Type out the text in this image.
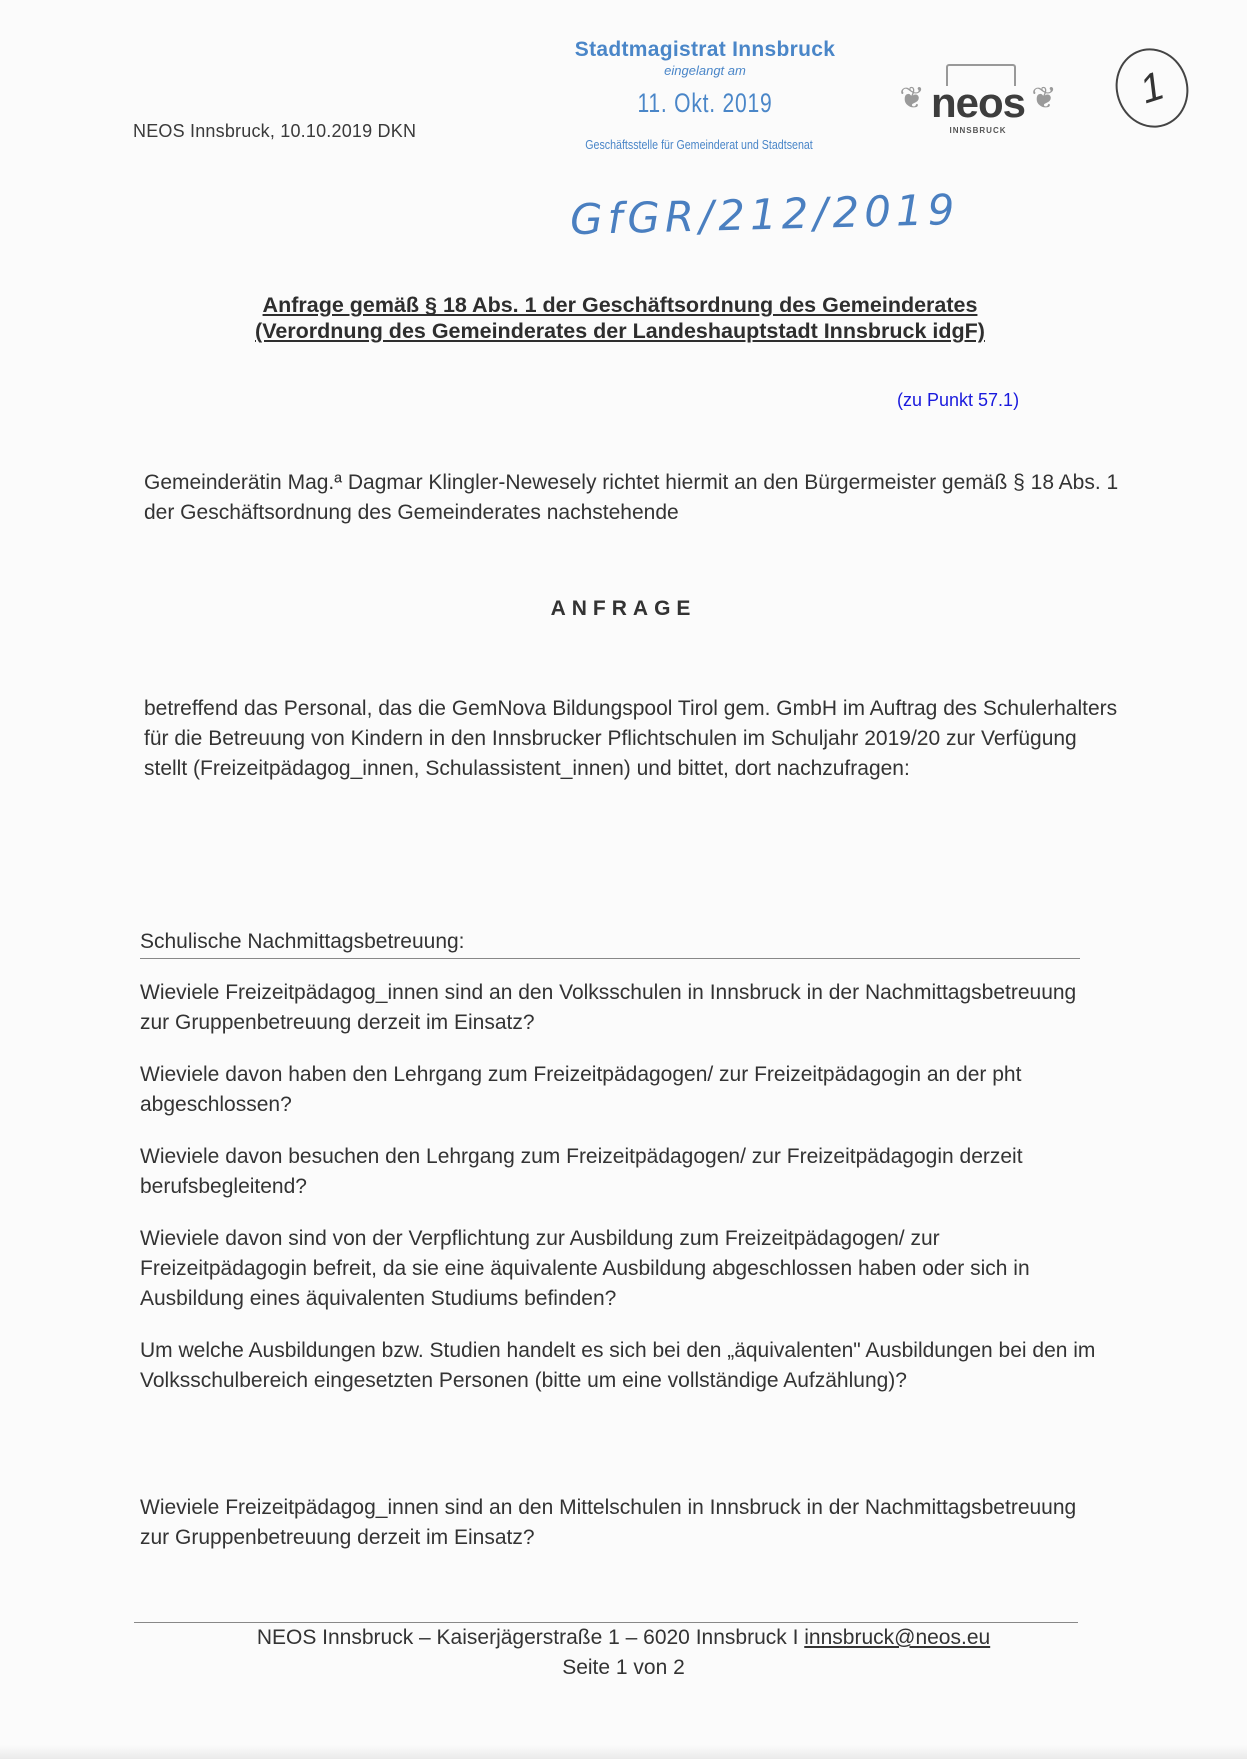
NEOS Innsbruck, 10.10.2019 DKN
Stadtmagistrat Innsbruck
eingelangt am
11. Okt. 2019
Geschäftsstelle für Gemeinderat und Stadtsenat
GfGR/212/2019
❦ neos
INNSBRUCK
❦	1
Anfrage gemäß § 18 Abs. 1 der Geschäftsordnung des Gemeinderates
(Verordnung des Gemeinderates der Landeshauptstadt Innsbruck idgF)
(zu Punkt 57.1)
Gemeinderätin Mag.ª Dagmar Klingler-Newesely richtet hiermit an den Bürgermeister gemäß § 18 Abs. 1 der Geschäftsordnung des Gemeinderates nachstehende
ANFRAGE
betreffend das Personal, das die GemNova Bildungspool Tirol gem. GmbH im Auftrag des Schulerhalters für die Betreuung von Kindern in den Innsbrucker Pflichtschulen im Schuljahr 2019/20 zur Verfügung stellt (Freizeitpädagog_innen, Schulassistent_innen) und bittet, dort nachzufragen:
Schulische Nachmittagsbetreuung:
Wieviele Freizeitpädagog_innen sind an den Volksschulen in Innsbruck in der Nachmittagsbetreuung zur Gruppenbetreuung derzeit im Einsatz?
Wieviele davon haben den Lehrgang zum Freizeitpädagogen/ zur Freizeitpädagogin an der pht abgeschlossen?
Wieviele davon besuchen den Lehrgang zum Freizeitpädagogen/ zur Freizeitpädagogin derzeit berufsbegleitend?
Wieviele davon sind von der Verpflichtung zur Ausbildung zum Freizeitpädagogen/ zur Freizeitpädagogin befreit, da sie eine äquivalente Ausbildung abgeschlossen haben oder sich in Ausbildung eines äquivalenten Studiums befinden?
Um welche Ausbildungen bzw. Studien handelt es sich bei den „äquivalenten" Ausbildungen bei den im Volksschulbereich eingesetzten Personen (bitte um eine vollständige Aufzählung)?
Wieviele Freizeitpädagog_innen sind an den Mittelschulen in Innsbruck in der Nachmittagsbetreuung zur Gruppenbetreuung derzeit im Einsatz?
NEOS Innsbruck – Kaiserjägerstraße 1 – 6020 Innsbruck I innsbruck@neos.eu
Seite 1 von 2
